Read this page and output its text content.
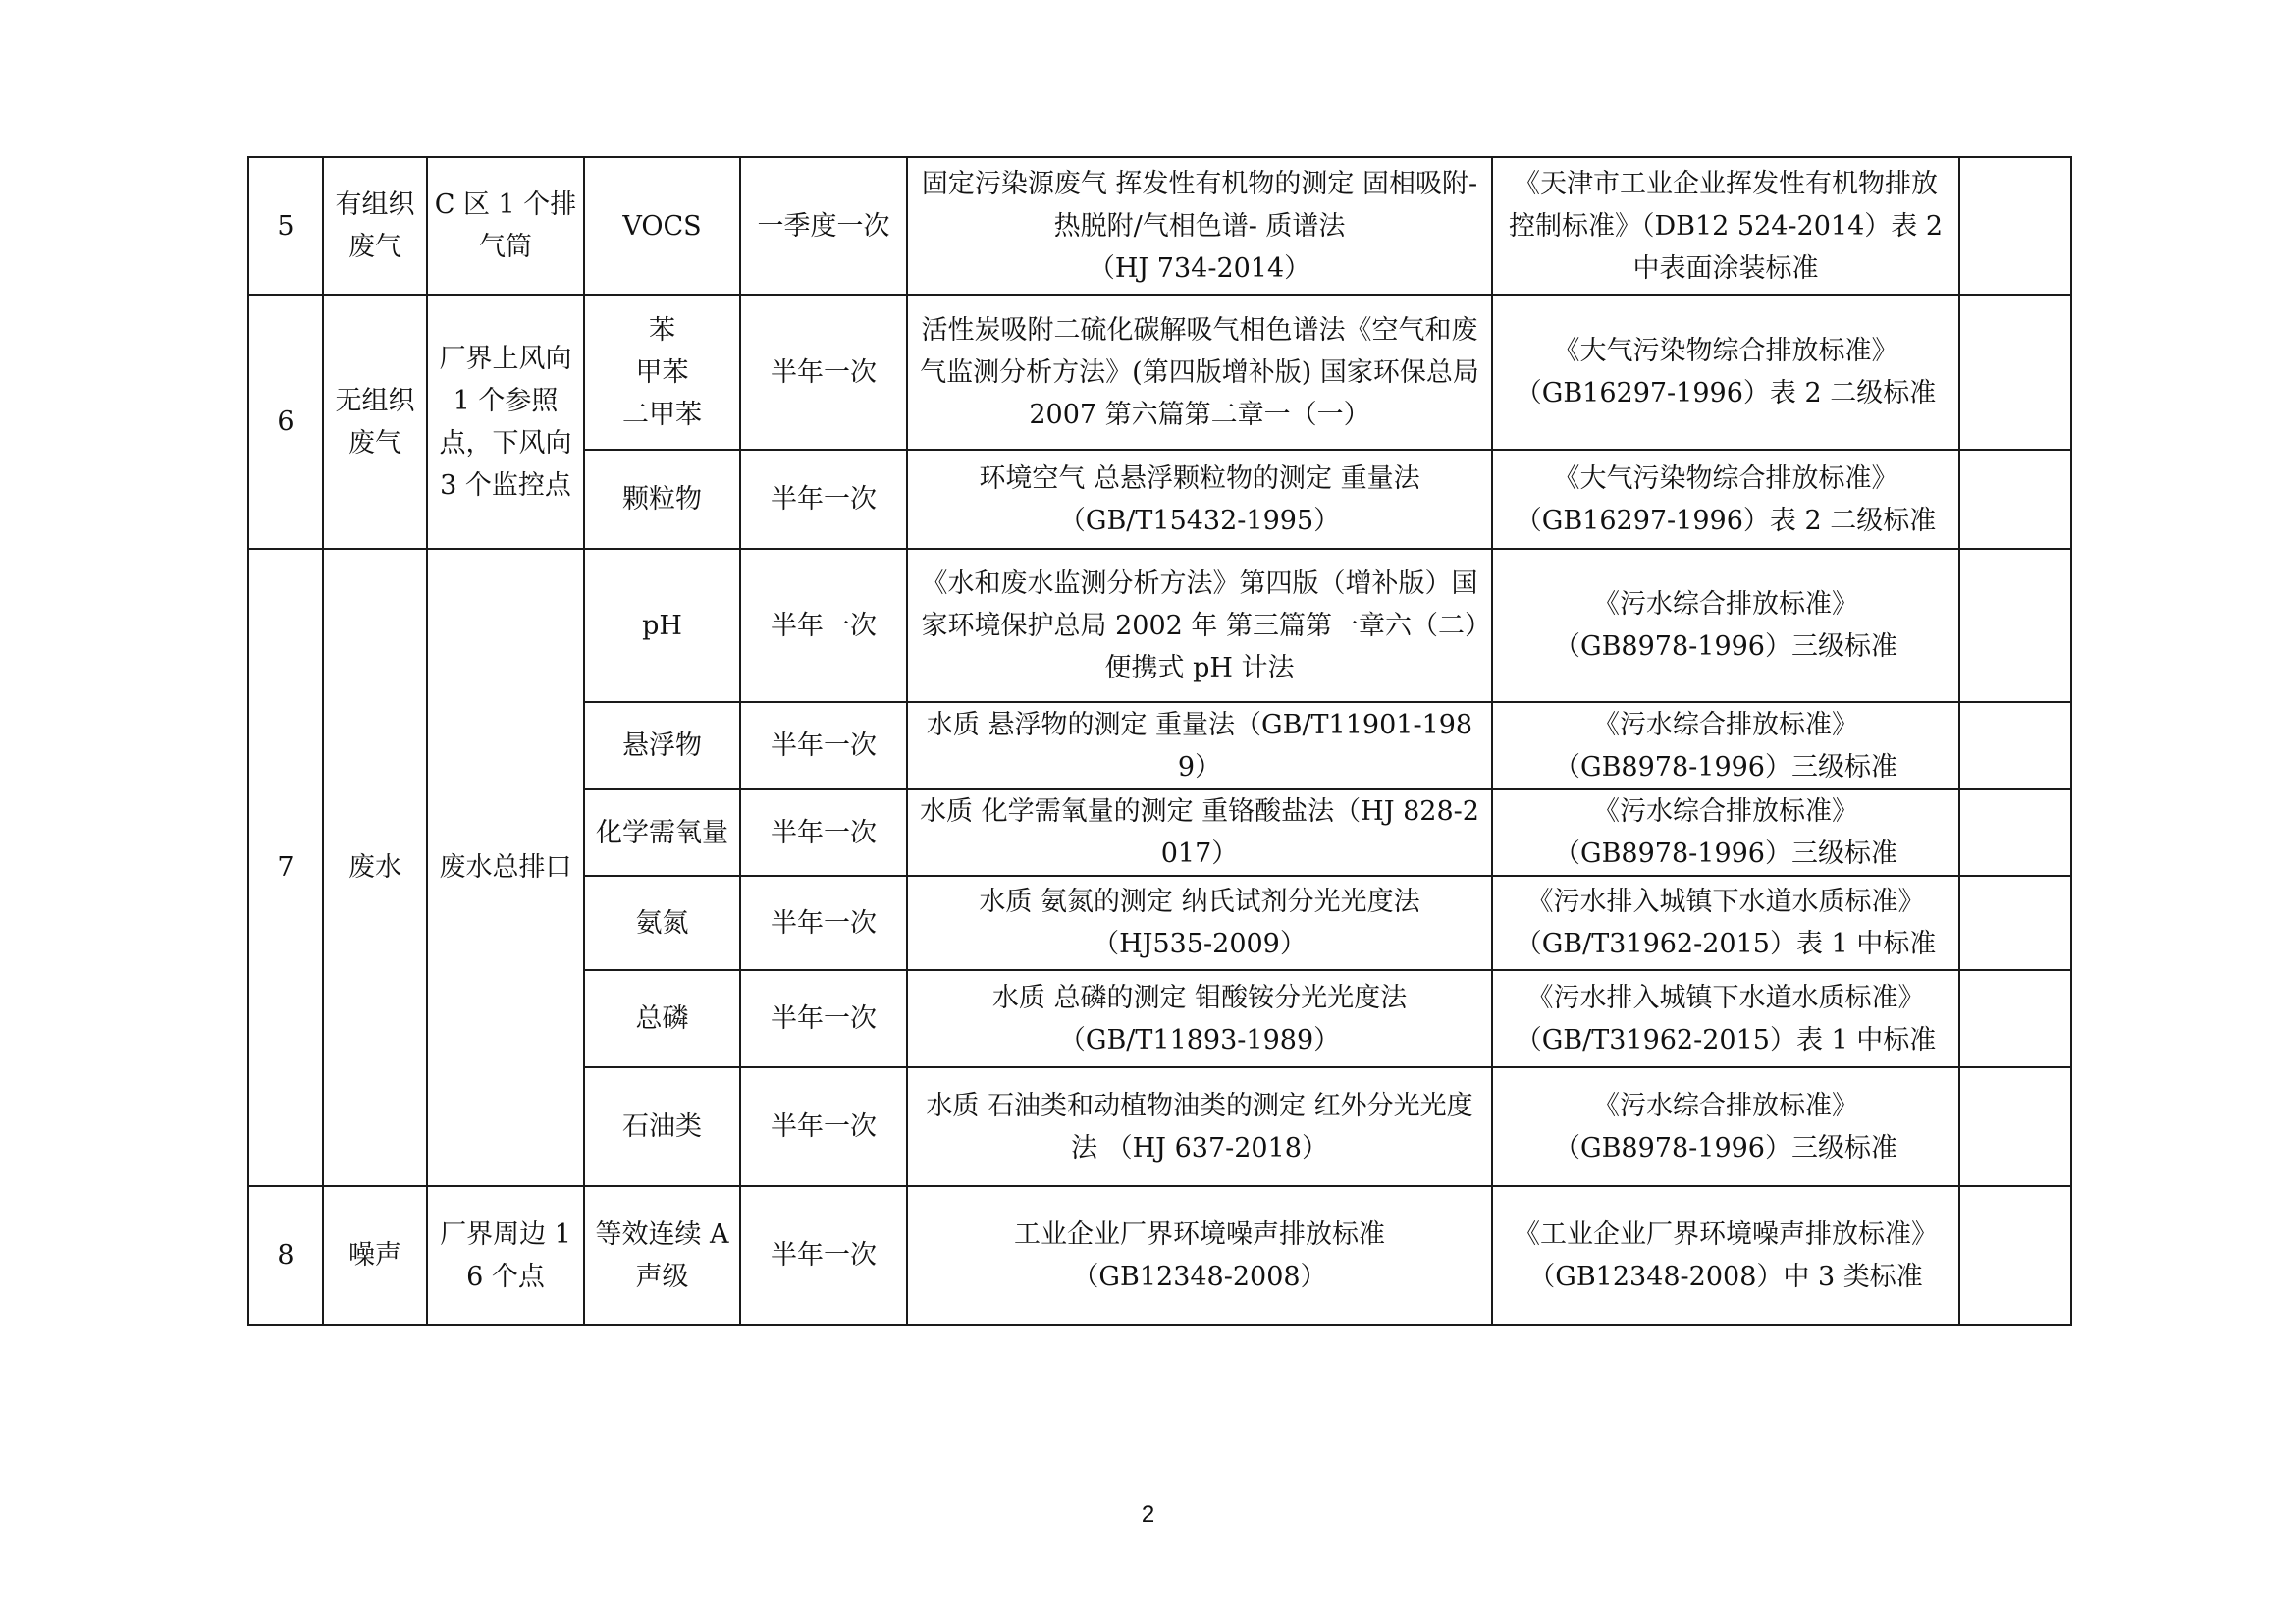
5	有组织废气	C 区 1 个排气筒	VOCS	一季度一次	固定污染源废气 挥发性有机物的测定 固相吸附-热脱附/气相色谱- 质谱法
（HJ 734-2014）	《天津市工业企业挥发性有机物排放控制标准》（DB12 524-2014）表 2 中表面涂装标准	
6	无组织废气	厂界上风向 1 个参照点，下风向 3 个监控点	苯
甲苯
二甲苯	半年一次	活性炭吸附二硫化碳解吸气相色谱法《空气和废气监测分析方法》(第四版增补版) 国家环保总局 2007 第六篇第二章一（一）	《大气污染物综合排放标准》
（GB16297-1996）表 2 二级标准	
			颗粒物	半年一次	环境空气 总悬浮颗粒物的测定 重量法
（GB/T15432-1995）	《大气污染物综合排放标准》
（GB16297-1996）表 2 二级标准	
7	废水	废水总排口	pH	半年一次	《水和废水监测分析方法》第四版（增补版）国家环境保护总局 2002 年 第三篇第一章六（二）便携式 pH 计法	《污水综合排放标准》
（GB8978-1996）三级标准	
			悬浮物	半年一次	水质 悬浮物的测定 重量法（GB/T11901-1989）	《污水综合排放标准》
（GB8978-1996）三级标准	
			化学需氧量	半年一次	水质 化学需氧量的测定 重铬酸盐法（HJ 828-2017）	《污水综合排放标准》
（GB8978-1996）三级标准	
			氨氮	半年一次	水质 氨氮的测定 纳氏试剂分光光度法
（HJ535-2009）	《污水排入城镇下水道水质标准》
（GB/T31962-2015）表 1 中标准	
			总磷	半年一次	水质 总磷的测定 钼酸铵分光光度法
（GB/T11893-1989）	《污水排入城镇下水道水质标准》
（GB/T31962-2015）表 1 中标准	
			石油类	半年一次	水质 石油类和动植物油类的测定 红外分光光度法 （HJ 637-2018）	《污水综合排放标准》
（GB8978-1996）三级标准	
8	噪声	厂界周边 16 个点	等效连续 A 声级	半年一次	工业企业厂界环境噪声排放标准
（GB12348-2008）	《工业企业厂界环境噪声排放标准》
（GB12348-2008）中 3 类标准	
2
